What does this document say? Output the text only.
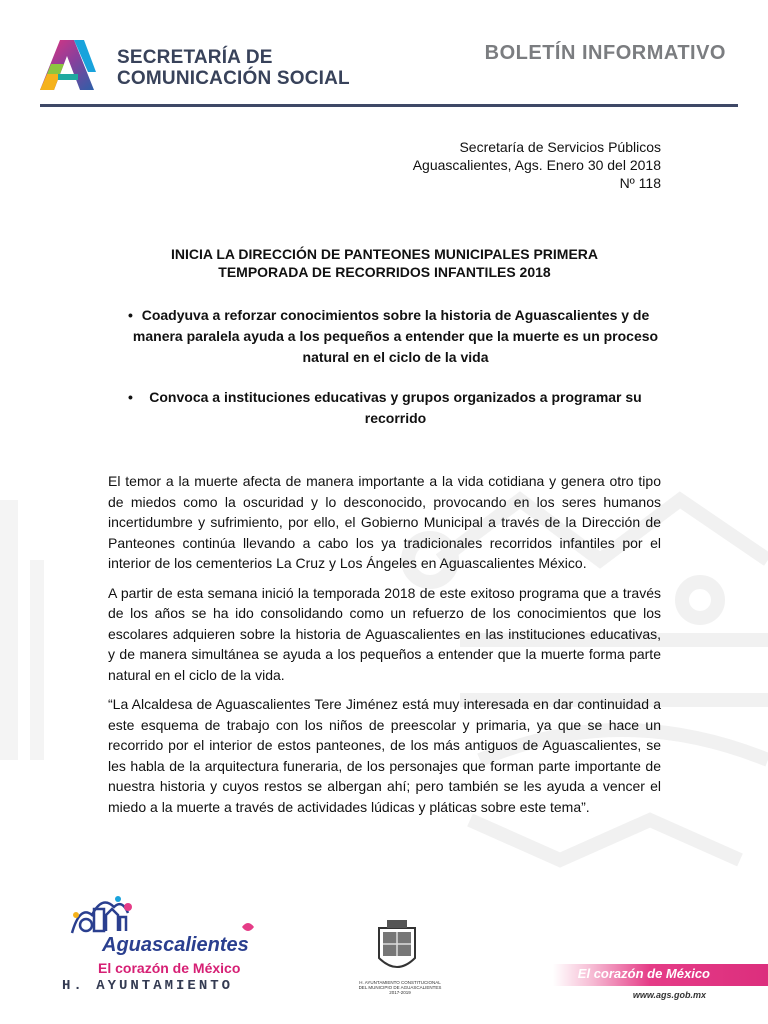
SECRETARÍA DE
COMUNICACIÓN SOCIAL
BOLETÍN INFORMATIVO
Secretaría de Servicios Públicos
Aguascalientes, Ags. Enero 30 del 2018
Nº 118
INICIA LA DIRECCIÓN DE PANTEONES MUNICIPALES PRIMERA
TEMPORADA DE RECORRIDOS INFANTILES 2018
• Coadyuva a reforzar conocimientos sobre la historia de Aguascalientes y de manera paralela ayuda a los pequeños a entender que la muerte es un proceso natural en el ciclo de la vida
• Convoca a instituciones educativas y grupos organizados a programar su recorrido

El temor a la muerte afecta de manera importante a la vida cotidiana y genera otro tipo de miedos como la oscuridad y lo desconocido, provocando en los seres humanos incertidumbre y sufrimiento, por ello, el Gobierno Municipal a través de la Dirección de Panteones continúa llevando a cabo los ya tradicionales recorridos infantiles por el interior de los cementerios La Cruz y Los Ángeles en Aguascalientes México.

A partir de esta semana inició la temporada 2018 de este exitoso programa que a través de los años se ha ido consolidando como un refuerzo de los conocimientos que los escolares adquieren sobre la historia de Aguascalientes en las instituciones educativas, y de manera simultánea se ayuda a los pequeños a entender que la muerte forma parte natural en el ciclo de la vida.

“La Alcaldesa de Aguascalientes Tere Jiménez está muy interesada en dar continuidad a este esquema de trabajo con los niños de preescolar y primaria, ya que se hace un recorrido por el interior de estos panteones, de los más antiguos de Aguascalientes, se les habla de la arquitectura funeraria, de los personajes que forman parte importante de nuestra historia y cuyos restos se albergan ahí; pero también se les ayuda a vencer el miedo a la muerte a través de actividades lúdicas y pláticas sobre este tema”.

Aguascalientes
El corazón de México
H. AYUNTAMIENTO	H. AYUNTAMIENTO CONSTITUCIONAL
DEL MUNICIPIO DE AGUASCALIENTES
2017-2019
El corazón de México
www.ags.gob.mx
